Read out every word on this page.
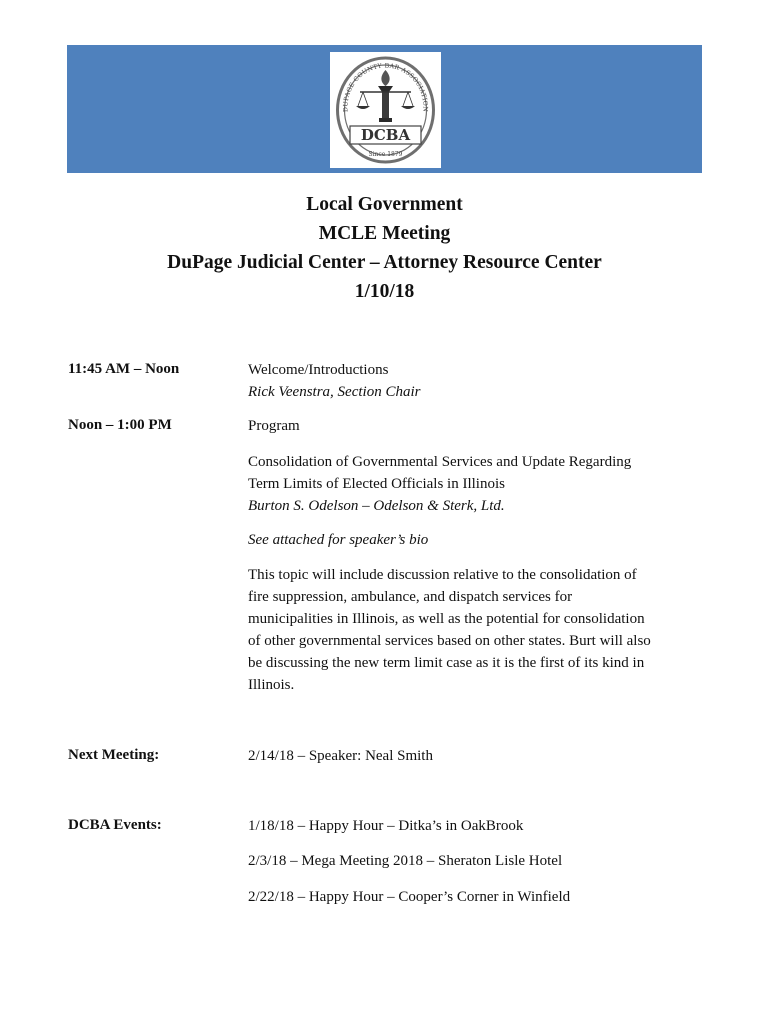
DUPAGE COUNTY BAR ASSOCIATION
DCBA
Since 1879
Local Government
MCLE Meeting
DuPage Judicial Center – Attorney Resource Center
1/10/18
11:45 AM – Noon	Welcome/Introductions
Rick Veenstra, Section Chair
Noon – 1:00 PM	Program
Consolidation of Governmental Services and Update Regarding
Term Limits of Elected Officials in Illinois
Burton S. Odelson – Odelson & Sterk, Ltd.
See attached for speaker’s bio
This topic will include discussion relative to the consolidation of
fire suppression, ambulance, and dispatch services for
municipalities in Illinois, as well as the potential for consolidation
of other governmental services based on other states. Burt will also
be discussing the new term limit case as it is the first of its kind in
Illinois.
Next Meeting:	2/14/18 – Speaker: Neal Smith
DCBA Events:	1/18/18 – Happy Hour – Ditka’s in OakBrook
2/3/18 – Mega Meeting 2018 – Sheraton Lisle Hotel
2/22/18 – Happy Hour – Cooper’s Corner in Winfield
